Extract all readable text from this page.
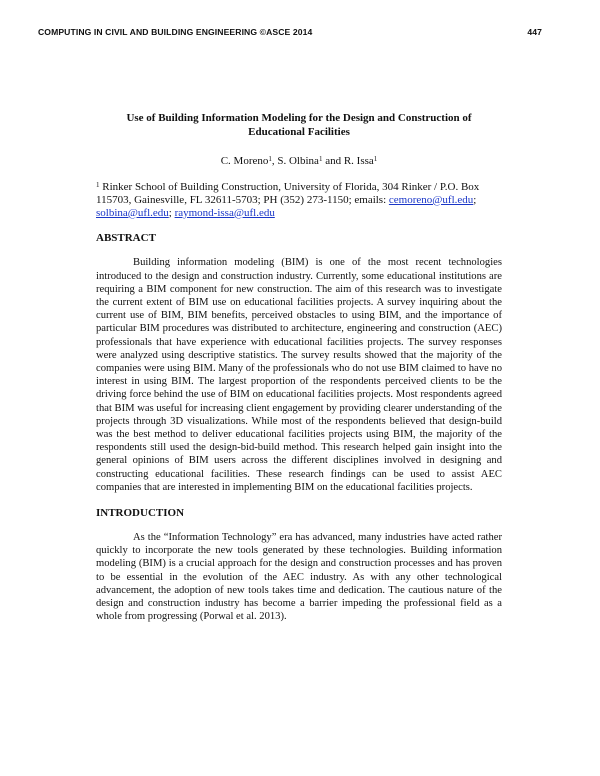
COMPUTING IN CIVIL AND BUILDING ENGINEERING ©ASCE 2014	447
Use of Building Information Modeling for the Design and Construction of Educational Facilities
C. Moreno$^1$, S. Olbina$^1$ and R. Issa$^1$
$^1$ Rinker School of Building Construction, University of Florida, 304 Rinker / P.O. Box 115703, Gainesville, FL 32611-5703; PH (352) 273-1150; emails: cemoreno@ufl.edu; solbina@ufl.edu; raymond-issa@ufl.edu
ABSTRACT

Building information modeling (BIM) is one of the most recent technologies introduced to the design and construction industry. Currently, some educational institutions are requiring a BIM component for new construction. The aim of this research was to investigate the current extent of BIM use on educational facilities projects. A survey inquiring about the current use of BIM, BIM benefits, perceived obstacles to using BIM, and the importance of particular BIM procedures was distributed to architecture, engineering and construction (AEC) professionals that have experience with educational facilities projects. The survey responses were analyzed using descriptive statistics. The survey results showed that the majority of the companies were using BIM. Many of the professionals who do not use BIM claimed to have no interest in using BIM. The largest proportion of the respondents perceived clients to be the driving force behind the use of BIM on educational facilities projects. Most respondents agreed that BIM was useful for increasing client engagement by providing clearer understanding of the projects through 3D visualizations. While most of the respondents believed that design-build was the best method to deliver educational facilities projects using BIM, the majority of the respondents still used the design-bid-build method. This research helped gain insight into the general opinions of BIM users across the different disciplines involved in designing and constructing educational facilities. These research findings can be used to assist AEC companies that are interested in implementing BIM on the educational facilities projects.

INTRODUCTION

As the “Information Technology” era has advanced, many industries have acted rather quickly to incorporate the new tools generated by these technologies. Building information modeling (BIM) is a crucial approach for the design and construction processes and has proven to be essential in the evolution of the AEC industry. As with any other technological advancement, the adoption of new tools takes time and dedication. The cautious nature of the design and construction industry has become a barrier impeding the professional field as a whole from progressing (Porwal et al. 2013).
